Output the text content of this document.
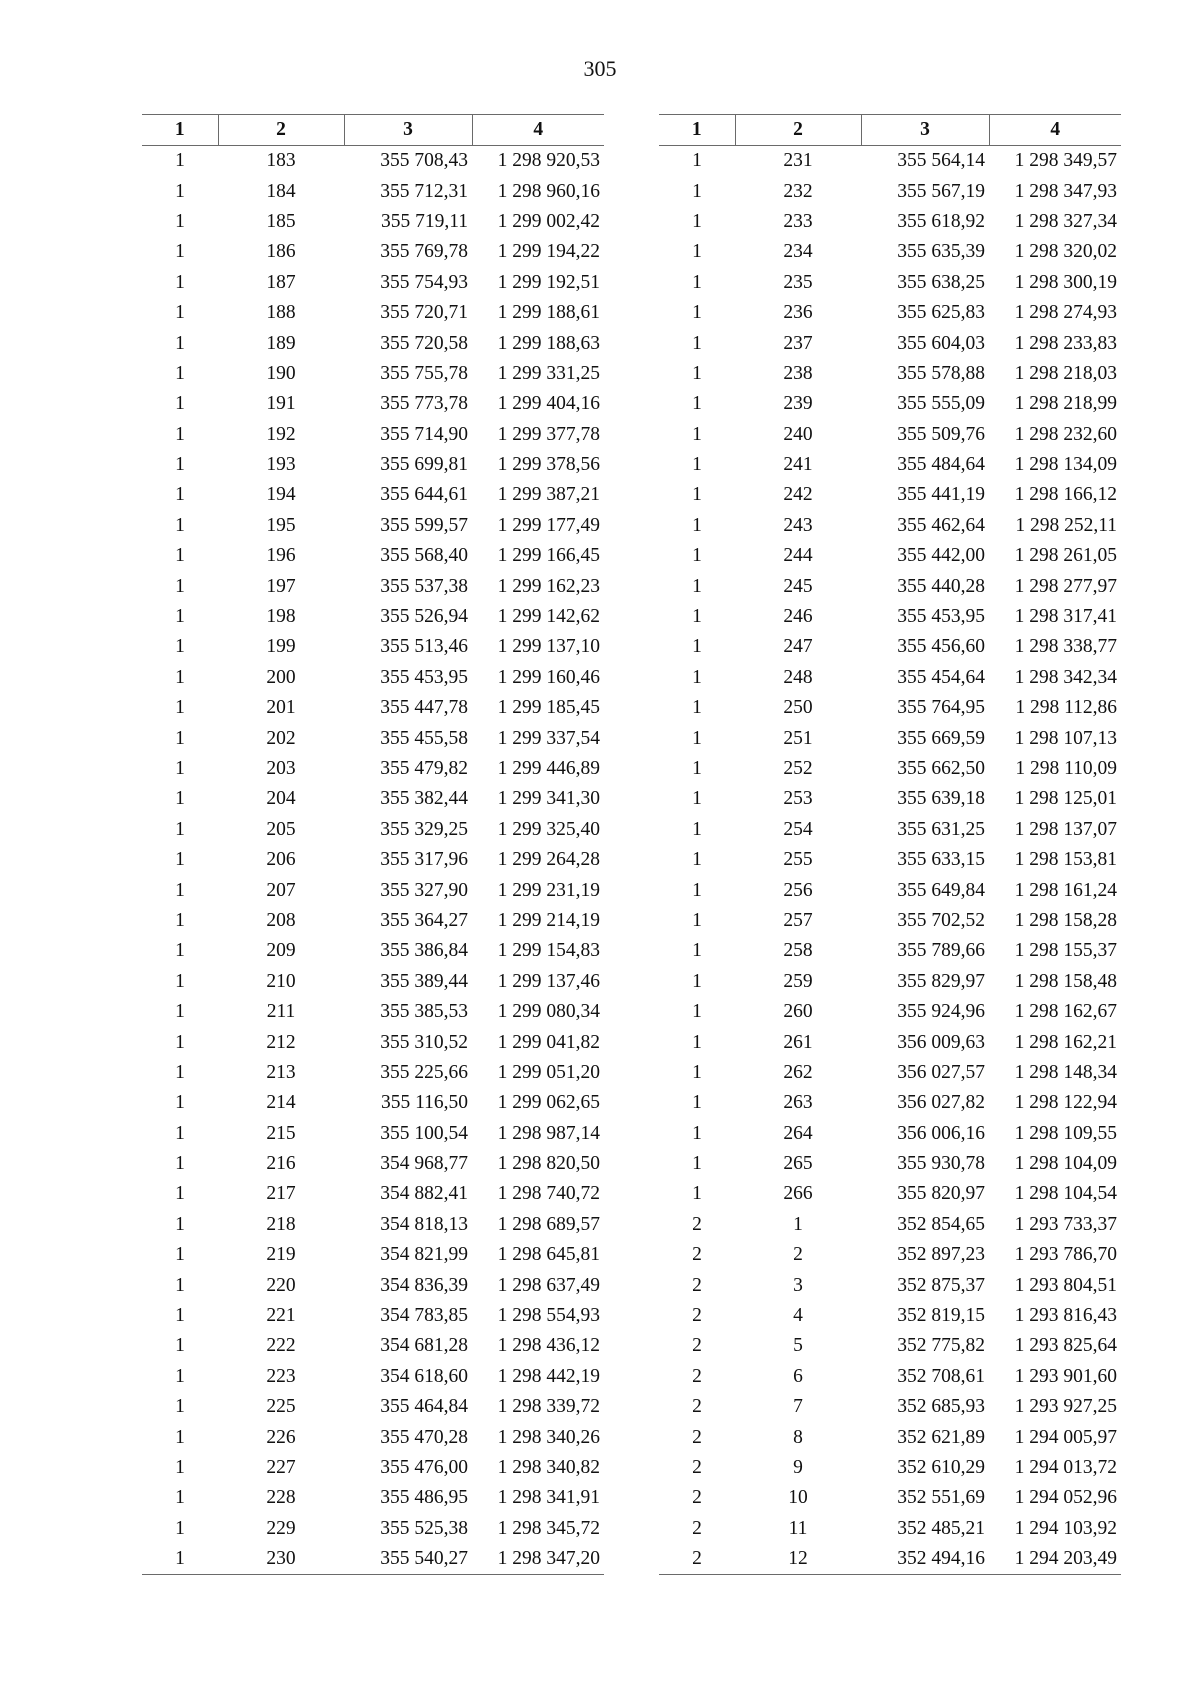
305
1	2	3	4
1	183	355 708,43	1 298 920,53
1	184	355 712,31	1 298 960,16
1	185	355 719,11	1 299 002,42
1	186	355 769,78	1 299 194,22
1	187	355 754,93	1 299 192,51
1	188	355 720,71	1 299 188,61
1	189	355 720,58	1 299 188,63
1	190	355 755,78	1 299 331,25
1	191	355 773,78	1 299 404,16
1	192	355 714,90	1 299 377,78
1	193	355 699,81	1 299 378,56
1	194	355 644,61	1 299 387,21
1	195	355 599,57	1 299 177,49
1	196	355 568,40	1 299 166,45
1	197	355 537,38	1 299 162,23
1	198	355 526,94	1 299 142,62
1	199	355 513,46	1 299 137,10
1	200	355 453,95	1 299 160,46
1	201	355 447,78	1 299 185,45
1	202	355 455,58	1 299 337,54
1	203	355 479,82	1 299 446,89
1	204	355 382,44	1 299 341,30
1	205	355 329,25	1 299 325,40
1	206	355 317,96	1 299 264,28
1	207	355 327,90	1 299 231,19
1	208	355 364,27	1 299 214,19
1	209	355 386,84	1 299 154,83
1	210	355 389,44	1 299 137,46
1	211	355 385,53	1 299 080,34
1	212	355 310,52	1 299 041,82
1	213	355 225,66	1 299 051,20
1	214	355 116,50	1 299 062,65
1	215	355 100,54	1 298 987,14
1	216	354 968,77	1 298 820,50
1	217	354 882,41	1 298 740,72
1	218	354 818,13	1 298 689,57
1	219	354 821,99	1 298 645,81
1	220	354 836,39	1 298 637,49
1	221	354 783,85	1 298 554,93
1	222	354 681,28	1 298 436,12
1	223	354 618,60	1 298 442,19
1	225	355 464,84	1 298 339,72
1	226	355 470,28	1 298 340,26
1	227	355 476,00	1 298 340,82
1	228	355 486,95	1 298 341,91
1	229	355 525,38	1 298 345,72
1	230	355 540,27	1 298 347,20
1	2	3	4
1	231	355 564,14	1 298 349,57
1	232	355 567,19	1 298 347,93
1	233	355 618,92	1 298 327,34
1	234	355 635,39	1 298 320,02
1	235	355 638,25	1 298 300,19
1	236	355 625,83	1 298 274,93
1	237	355 604,03	1 298 233,83
1	238	355 578,88	1 298 218,03
1	239	355 555,09	1 298 218,99
1	240	355 509,76	1 298 232,60
1	241	355 484,64	1 298 134,09
1	242	355 441,19	1 298 166,12
1	243	355 462,64	1 298 252,11
1	244	355 442,00	1 298 261,05
1	245	355 440,28	1 298 277,97
1	246	355 453,95	1 298 317,41
1	247	355 456,60	1 298 338,77
1	248	355 454,64	1 298 342,34
1	250	355 764,95	1 298 112,86
1	251	355 669,59	1 298 107,13
1	252	355 662,50	1 298 110,09
1	253	355 639,18	1 298 125,01
1	254	355 631,25	1 298 137,07
1	255	355 633,15	1 298 153,81
1	256	355 649,84	1 298 161,24
1	257	355 702,52	1 298 158,28
1	258	355 789,66	1 298 155,37
1	259	355 829,97	1 298 158,48
1	260	355 924,96	1 298 162,67
1	261	356 009,63	1 298 162,21
1	262	356 027,57	1 298 148,34
1	263	356 027,82	1 298 122,94
1	264	356 006,16	1 298 109,55
1	265	355 930,78	1 298 104,09
1	266	355 820,97	1 298 104,54
2	1	352 854,65	1 293 733,37
2	2	352 897,23	1 293 786,70
2	3	352 875,37	1 293 804,51
2	4	352 819,15	1 293 816,43
2	5	352 775,82	1 293 825,64
2	6	352 708,61	1 293 901,60
2	7	352 685,93	1 293 927,25
2	8	352 621,89	1 294 005,97
2	9	352 610,29	1 294 013,72
2	10	352 551,69	1 294 052,96
2	11	352 485,21	1 294 103,92
2	12	352 494,16	1 294 203,49
